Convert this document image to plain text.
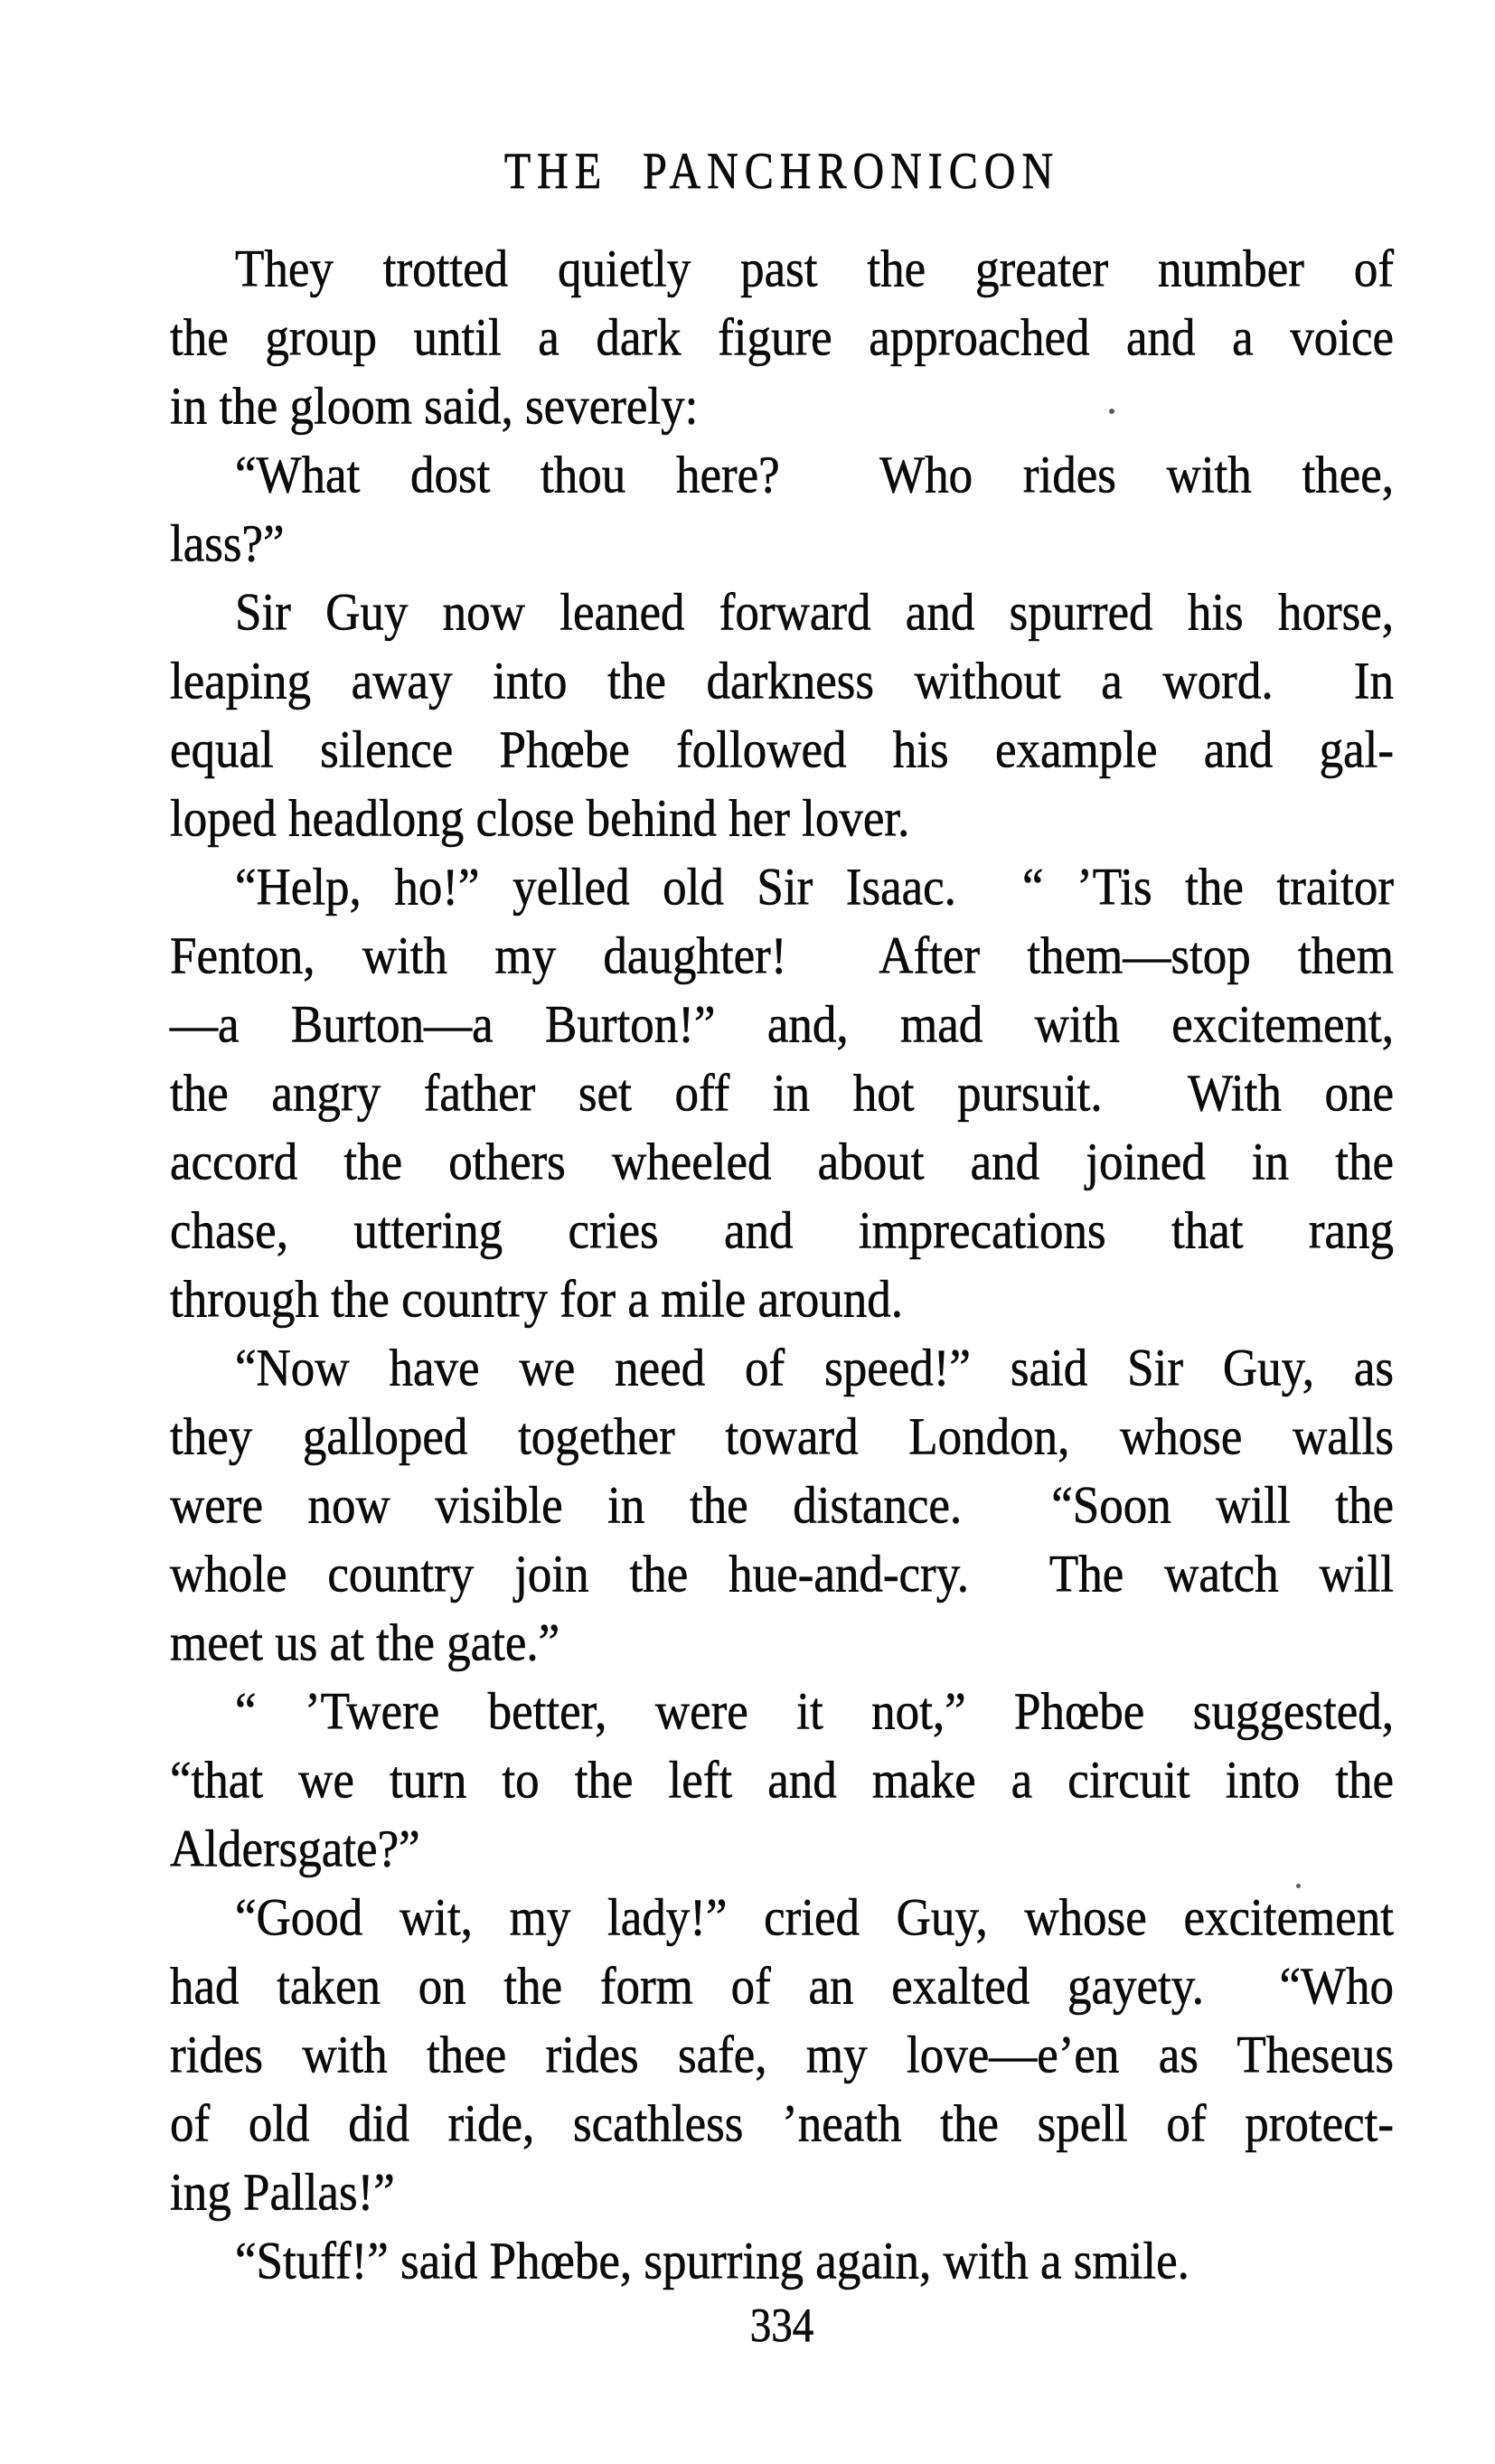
THE PANCHRONICON
They trotted quietly past the greater number of
the group until a dark figure approached and a voice
in the gloom said, severely:
“What dost thou here?  Who rides with thee,
lass?”
Sir Guy now leaned forward and spurred his horse,
leaping away into the darkness without a word.  In
equal silence Phœbe followed his example and gal-
loped headlong close behind her lover.
“Help, ho!” yelled old Sir Isaac.  “ ’Tis the traitor
Fenton, with my daughter!  After them—stop them
—a Burton—a Burton!” and, mad with excitement,
the angry father set off in hot pursuit.  With one
accord the others wheeled about and joined in the
chase, uttering cries and imprecations that rang
through the country for a mile around.
“Now have we need of speed!” said Sir Guy, as
they galloped together toward London, whose walls
were now visible in the distance.  “Soon will the
whole country join the hue-and-cry.  The watch will
meet us at the gate.”
“ ’Twere better, were it not,” Phœbe suggested,
“that we turn to the left and make a circuit into the
Aldersgate?”
“Good wit, my lady!” cried Guy, whose excitement
had taken on the form of an exalted gayety.  “Who
rides with thee rides safe, my love—e’en as Theseus
of old did ride, scathless ’neath the spell of protect-
ing Pallas!”
“Stuff!” said Phœbe, spurring again, with a smile.
334
